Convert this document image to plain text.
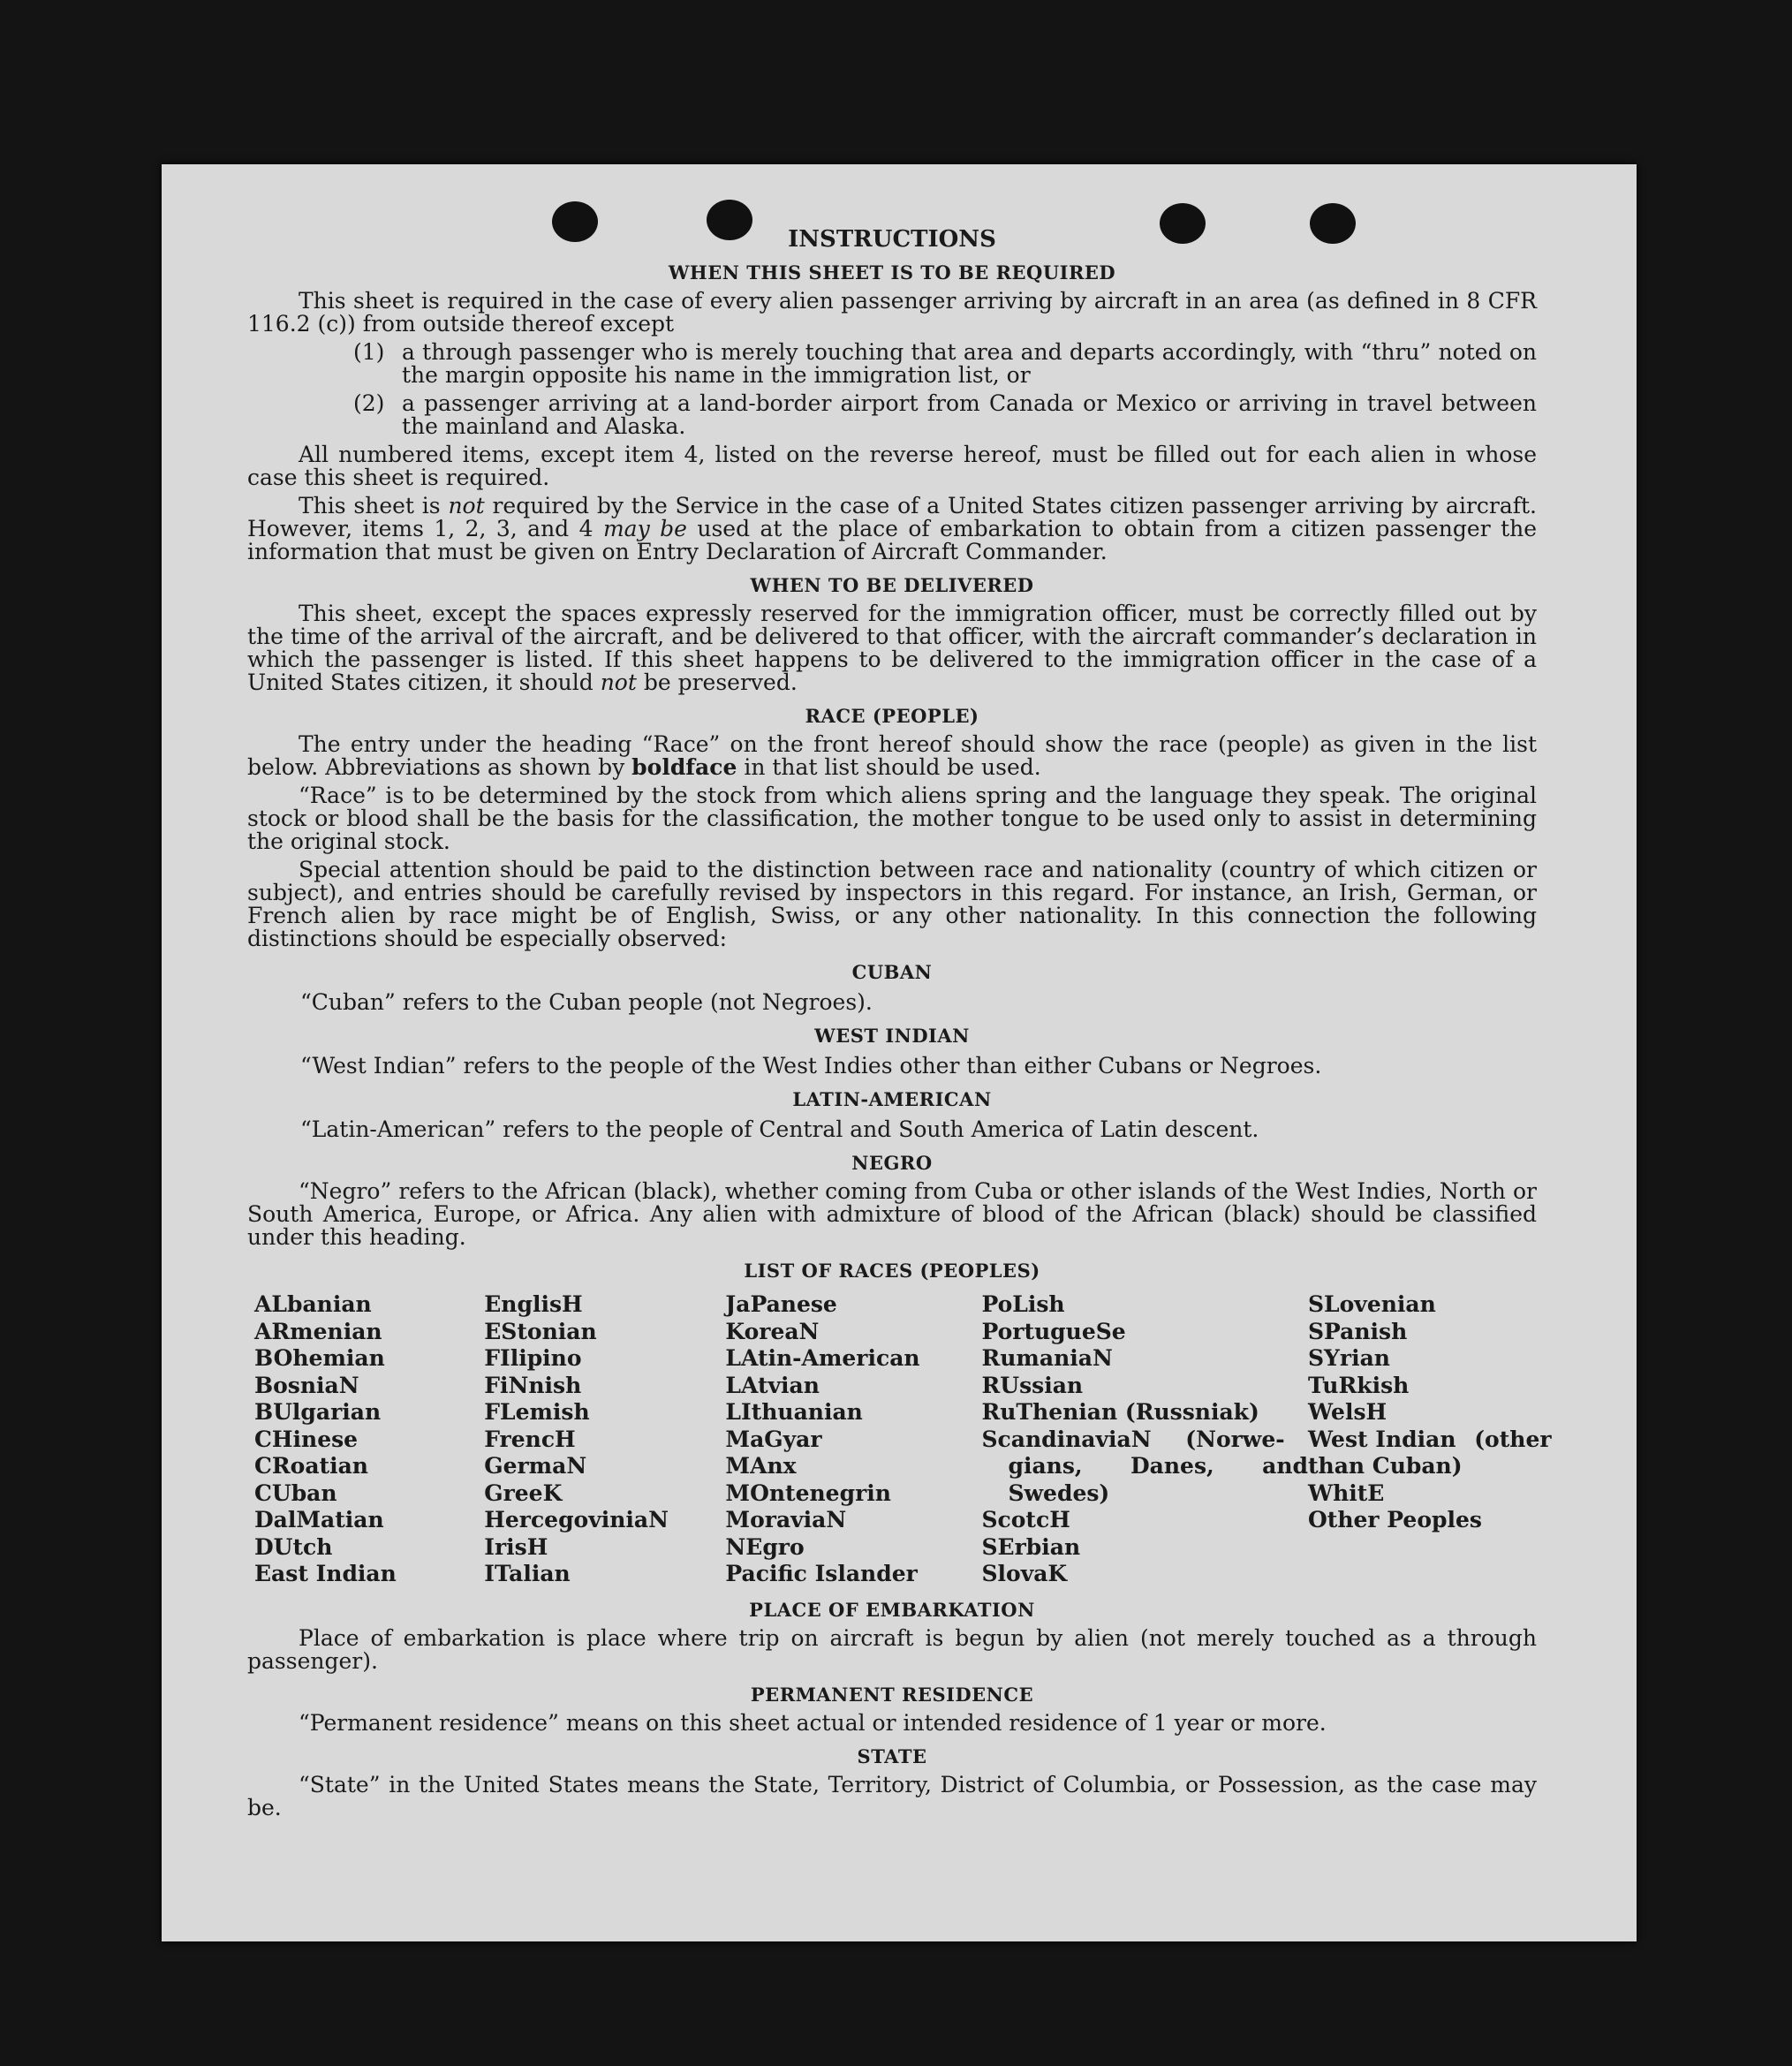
INSTRUCTIONS
WHEN THIS SHEET IS TO BE REQUIRED
This sheet is required in the case of every alien passenger arriving by aircraft in an area (as defined in 8 CFR 116.2 (c)) from outside thereof except
(1) a through passenger who is merely touching that area and departs accordingly, with “thru” noted on the margin opposite his name in the immigration list, or
(2) a passenger arriving at a land-border airport from Canada or Mexico or arriving in travel between the mainland and Alaska.
All numbered items, except item 4, listed on the reverse hereof, must be filled out for each alien in whose case this sheet is required.
This sheet is not required by the Service in the case of a United States citizen passenger arriving by aircraft. However, items 1, 2, 3, and 4 may be used at the place of embarkation to obtain from a citizen passenger the information that must be given on Entry Declaration of Aircraft Commander.
WHEN TO BE DELIVERED
This sheet, except the spaces expressly reserved for the immigration officer, must be correctly filled out by the time of the arrival of the aircraft, and be delivered to that officer, with the aircraft commander’s declaration in which the passenger is listed. If this sheet happens to be delivered to the immigration officer in the case of a United States citizen, it should not be preserved.
RACE (PEOPLE)
The entry under the heading “Race” on the front hereof should show the race (people) as given in the list below. Abbreviations as shown by boldface in that list should be used.
“Race” is to be determined by the stock from which aliens spring and the language they speak. The original stock or blood shall be the basis for the classification, the mother tongue to be used only to assist in determining the original stock.
Special attention should be paid to the distinction between race and nationality (country of which citizen or subject), and entries should be carefully revised by inspectors in this regard. For instance, an Irish, German, or French alien by race might be of English, Swiss, or any other nationality. In this connection the following distinctions should be especially observed:
CUBAN
“Cuban” refers to the Cuban people (not Negroes).
WEST INDIAN
“West Indian” refers to the people of the West Indies other than either Cubans or Negroes.
LATIN-AMERICAN
“Latin-American” refers to the people of Central and South America of Latin descent.
NEGRO
“Negro” refers to the African (black), whether coming from Cuba or other islands of the West Indies, North or South America, Europe, or Africa. Any alien with admixture of blood of the African (black) should be classified under this heading.
LIST OF RACES (PEOPLES)
ALbanian
ARmenian
BOhemian
BosniaN
BUlgarian
CHinese
CRoatian
CUban
DalMatian
DUtch
East Indian
EnglisH
EStonian
FIlipino
FiNnish
FLemish
FrencH
GermaN
GreeK
HercegoviniaN
IrisH
ITalian
JaPanese
KoreaN
LAtin-American
LAtvian
LIthuanian
MaGyar
MAnx
MOntenegrin
MoraviaN
NEgro
Pacific Islander
PoLish
PortugueSe
RumaniaN
RUssian
RuThenian (Russniak)
ScandinaviaN (Norwe-
gians, Danes, and
Swedes)
ScotcH
SErbian
SlovaK
SLovenian
SPanish
SYrian
TuRkish
WelsH
West Indian (other
than Cuban)
WhitE
Other Peoples
PLACE OF EMBARKATION
Place of embarkation is place where trip on aircraft is begun by alien (not merely touched as a through passenger).
PERMANENT RESIDENCE
“Permanent residence” means on this sheet actual or intended residence of 1 year or more.
STATE
“State” in the United States means the State, Territory, District of Columbia, or Possession, as the case may be.
